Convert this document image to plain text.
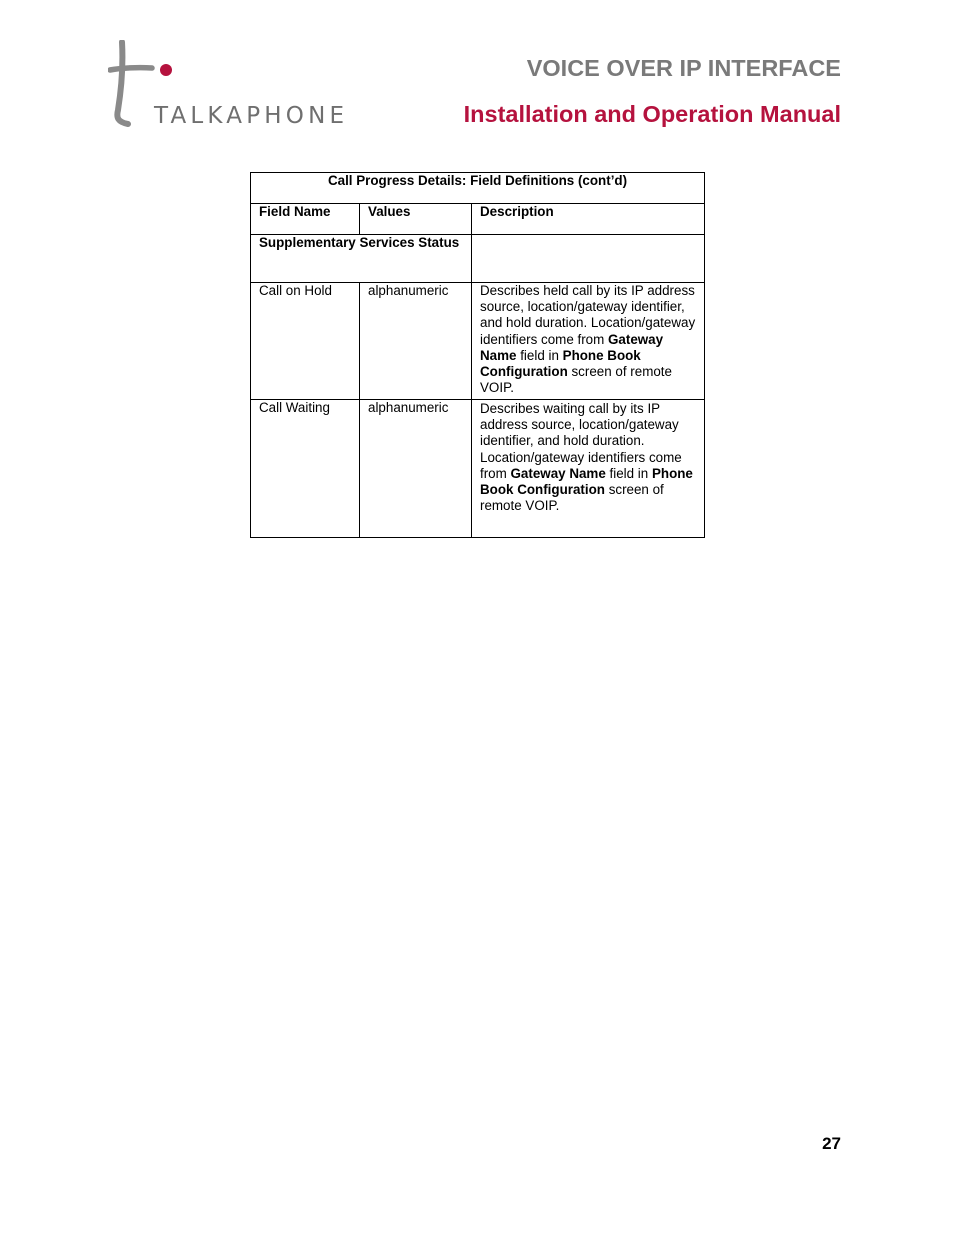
TALKAPHONE
VOICE OVER IP INTERFACE
Installation and Operation Manual
Call Progress Details: Field Definitions (cont’d)		
Field Name	Values	Description
Supplementary Services Status		
Call on Hold	alphanumeric	Describes held call by its IP address source, location/gateway identifier, and hold duration. Location/gateway identifiers come from Gateway Name field in Phone Book Configuration screen of remote VOIP.
Call Waiting	alphanumeric	Describes waiting call by its IP address source, location/gateway identifier, and hold duration. Location/gateway identifiers come from Gateway Name field in Phone Book Configuration screen of remote VOIP.
27
